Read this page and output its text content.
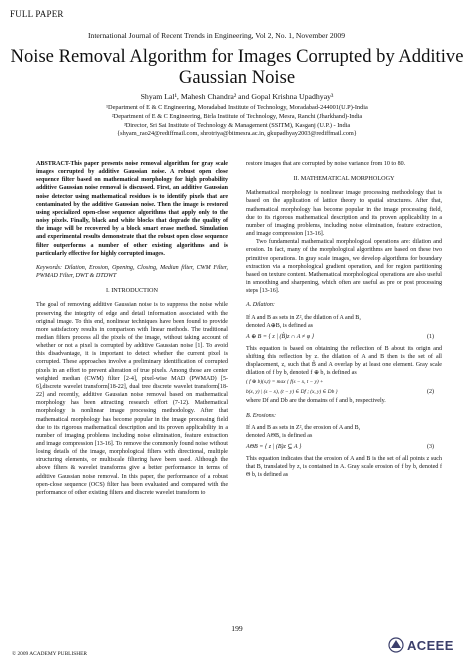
FULL PAPER
International Journal of Recent Trends in Engineering, Vol 2, No. 1, November 2009
Noise Removal Algorithm for Images Corrupted by Additive Gaussian Noise
Shyam Lal¹, Mahesh Chandra² and Gopal Krishna Upadhyay³
¹Department of E & C Engineering, Moradabad Institute of Technology, Moradabad-244001(U.P)-India
²Department of E & C Engineering, Birla Institute of Technology, Mesra, Ranchi (Jharkhand)-India
³Director, Sri Sai Institute of Technology & Management (SSITM), Kasganj (U.P.) - India
{shyam_rao24@rediffmail.com, shrotriya@bitmesra.ac.in, gkupadhyay2003@rediffmail.com}

ABSTRACT-This paper presents noise removal algorithm for gray scale images corrupted by additive Gaussian noise. A robust open close sequence filter based on mathematical morphology for high probability additive Gaussian noise removal is discussed. First, an additive Gaussian noise detector using mathematical residues is to identify pixels that are contaminated by the additive Gaussian noise. Then the image is restored using specialized open-close sequence algorithms that apply only to the noisy pixels. Finally, black and white blocks that degrade the quality of the image will be recovered by a block smart erase method. Simulation and experimental results demonstrate that the robust open close sequence filter outperforms a number of other existing algorithms and is particularly effective for highly corrupted images.

Keywords: Dilation, Erosion, Opening, Closing, Median filter, CWM Filter, PWMAD Filter, DWT & DTDWT

I. INTRODUCTION

The goal of removing additive Gaussian noise is to suppress the noise while preserving the integrity of edge and detail information associated with the original image. To this end, nonlinear techniques have been found to provide more satisfactory results in comparison with linear methods. The traditional median filters process all the pixels of the image, without taking account of whether or not a pixel is corrupted by additive Gaussian noise [1]. To avoid this disadvantage, it is important to detect whether the current pixel is corrupted. These approaches involve a preliminary identification of corrupted pixels in an effort to prevent alteration of true pixels. Among those are center weighted median (CWM) filter [2-4], pixel-wise MAD (PWMAD) [5-6],discrete wavelet transform[18-22], dual tree discrete wavelet transform[18-22] and recently, additive Gaussian noise removal based on mathematical morphology has been attracting research effort (7-12). Mathematical morphology is nonlinear image processing methodology. After that mathematical morphology has become popular in the image processing field due to its rigorous mathematical description and its proven applicability in a number of imaging problems including noise elimination, feature extraction and image compression [13-16]. To remove the commonly found noise without losing details of the image, morphological filters with directional, multiple structuring elements, or multiscale filtering have been used. Although the above filters & wavelet transforms give a better performance in terms of additive Gaussian noise removal. In this paper, the performance of a robust open-close sequence (OCS) filter has been evaluated and compared with the performance of other existing filters and discrete wavelet transform to

restore images that are corrupted by noise variance from 10 to 80.

II. MATHEMATICAL MORPHOLOGY

Mathematical morphology is nonlinear image processing methodology that is based on the application of lattice theory to spatial structures. After that, mathematical morphology has become popular in the image processing field, due to its rigorous mathematical description and its proven applicability in a number of imaging problems, including noise elimination, feature extraction, and image compression [13-16].

Two fundamental mathematical morphological operations are: dilation and erosion. In fact, many of the morphological algorithms are based on these two primitive operations. In gray scale images, we develop algorithms for boundary extraction via a morphological gradient operation, and for region partitioning based on texture content. Mathematical morphological operations are also useful in smoothing and sharpening, which often are useful as pre or post processing steps [13-16].

A. Dilation:

If A and B as sets in Z², the dilation of A and B,

denoted A⊕B, is defined as

A ⊕ B = { z | (B̂)z ∩ A ≠ φ }	(1)

This equation is based on obtaining the reflection of B about its origin and shifting this reflection by z. the dilation of A and B then is the set of all displacement, z, such that B̂ and A overlap by at least one element. Gray scale dilation of f by b, denoted f ⊕ b, is defined as

( f ⊕ b)(s,t) = max { f(s − x, t − y) +
b(x, y) | (s − x), (t − y) ∈ Df ; (x, y) ∈ Db }	(2)

where Df and Db are the domains of f and b, respectively.

B. Erosions:

If A and B as sets in Z², the erosion of A and B,

denoted AΘB, is defined as

AΘB = { z | (B)z ⊆ A }	(3)

This equation indicates that the erosion of A and B is the set of all points z such that B, translated by z, is contained in A. Gray scale erosion of f by b, denoted f Θ b, is defined as

199
© 2009 ACADEMY PUBLISHER
ACEEE
